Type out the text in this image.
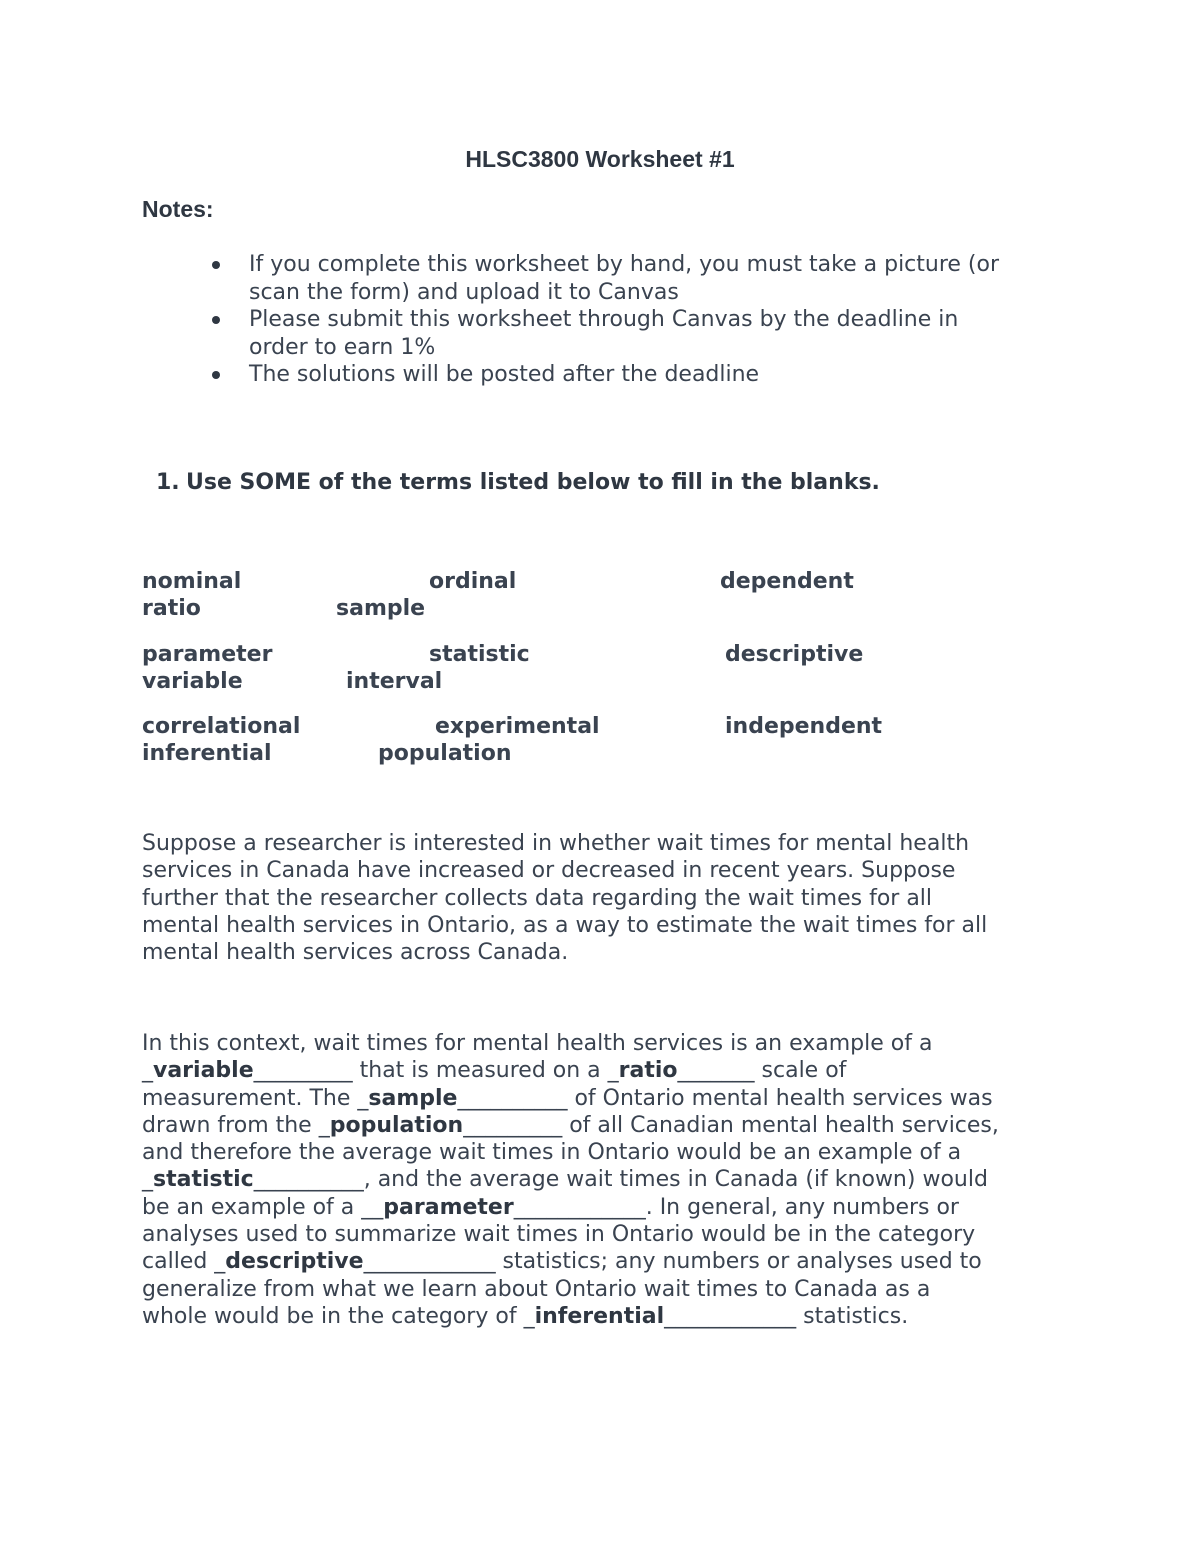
HLSC3800 Worksheet #1
Notes:
If you complete this worksheet by hand, you must take a picture (or
scan the form) and upload it to Canvas
Please submit this worksheet through Canvas by the deadline in
order to earn 1%
The solutions will be posted after the deadline
1. Use SOME of the terms listed below to fill in the blanks.
nominal	ordinal	dependent
ratio	sample
parameter	statistic	descriptive
variable	interval
correlational	experimental	independent
inferential	population
Suppose a researcher is interested in whether wait times for mental health
services in Canada have increased or decreased in recent years. Suppose
further that the researcher collects data regarding the wait times for all
mental health services in Ontario, as a way to estimate the wait times for all
mental health services across Canada.
In this context, wait times for mental health services is an example of a
_variable_________ that is measured on a _ratio_______ scale of
measurement. The _sample__________ of Ontario mental health services was
drawn from the _population_________ of all Canadian mental health services,
and therefore the average wait times in Ontario would be an example of a
_statistic__________, and the average wait times in Canada (if known) would
be an example of a __parameter____________. In general, any numbers or
analyses used to summarize wait times in Ontario would be in the category
called _descriptive____________ statistics; any numbers or analyses used to
generalize from what we learn about Ontario wait times to Canada as a
whole would be in the category of _inferential____________ statistics.
